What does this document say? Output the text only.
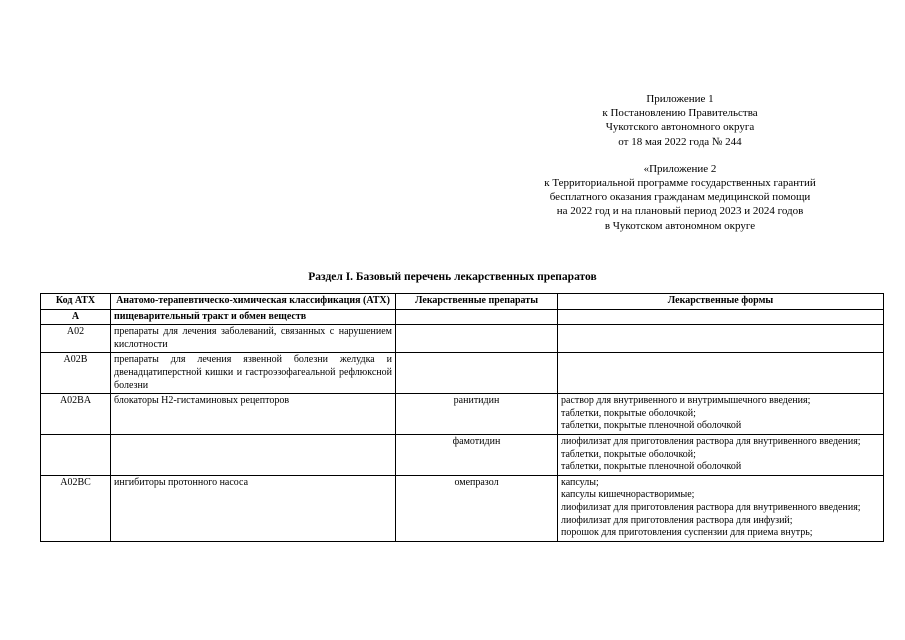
Приложение 1
к Постановлению Правительства
Чукотского автономного округа
от 18 мая 2022 года № 244
«Приложение 2
к Территориальной программе государственных гарантий
бесплатного оказания гражданам медицинской помощи
на 2022 год и на плановый период 2023 и 2024 годов
в Чукотском автономном округе
Раздел I. Базовый перечень лекарственных препаратов
Код АТХ	Анатомо-терапевтическо-химическая классификация (АТХ)	Лекарственные препараты	Лекарственные формы
А	пищеварительный тракт и обмен веществ		
A02	препараты для лечения заболеваний, связанных с нарушением кислотности		
A02B	препараты для лечения язвенной болезни желудка и двенадцатиперстной кишки и гастроэзофагеальной рефлюксной болезни		
A02BA	блокаторы Н2-гистаминовых рецепторов	ранитидин	раствор для внутривенного и внутримышечного введения;
таблетки, покрытые оболочкой;
таблетки, покрытые пленочной оболочкой

		фамотидин	лиофилизат для приготовления раствора для внутривенного введения;
таблетки, покрытые оболочкой;
таблетки, покрытые пленочной оболочкой

A02BC	ингибиторы протонного насоса	омепразол	капсулы;
капсулы кишечнорастворимые;
лиофилизат для приготовления раствора для внутривенного введения;
лиофилизат для приготовления раствора для инфузий;
порошок для приготовления суспензии для приема внутрь;
